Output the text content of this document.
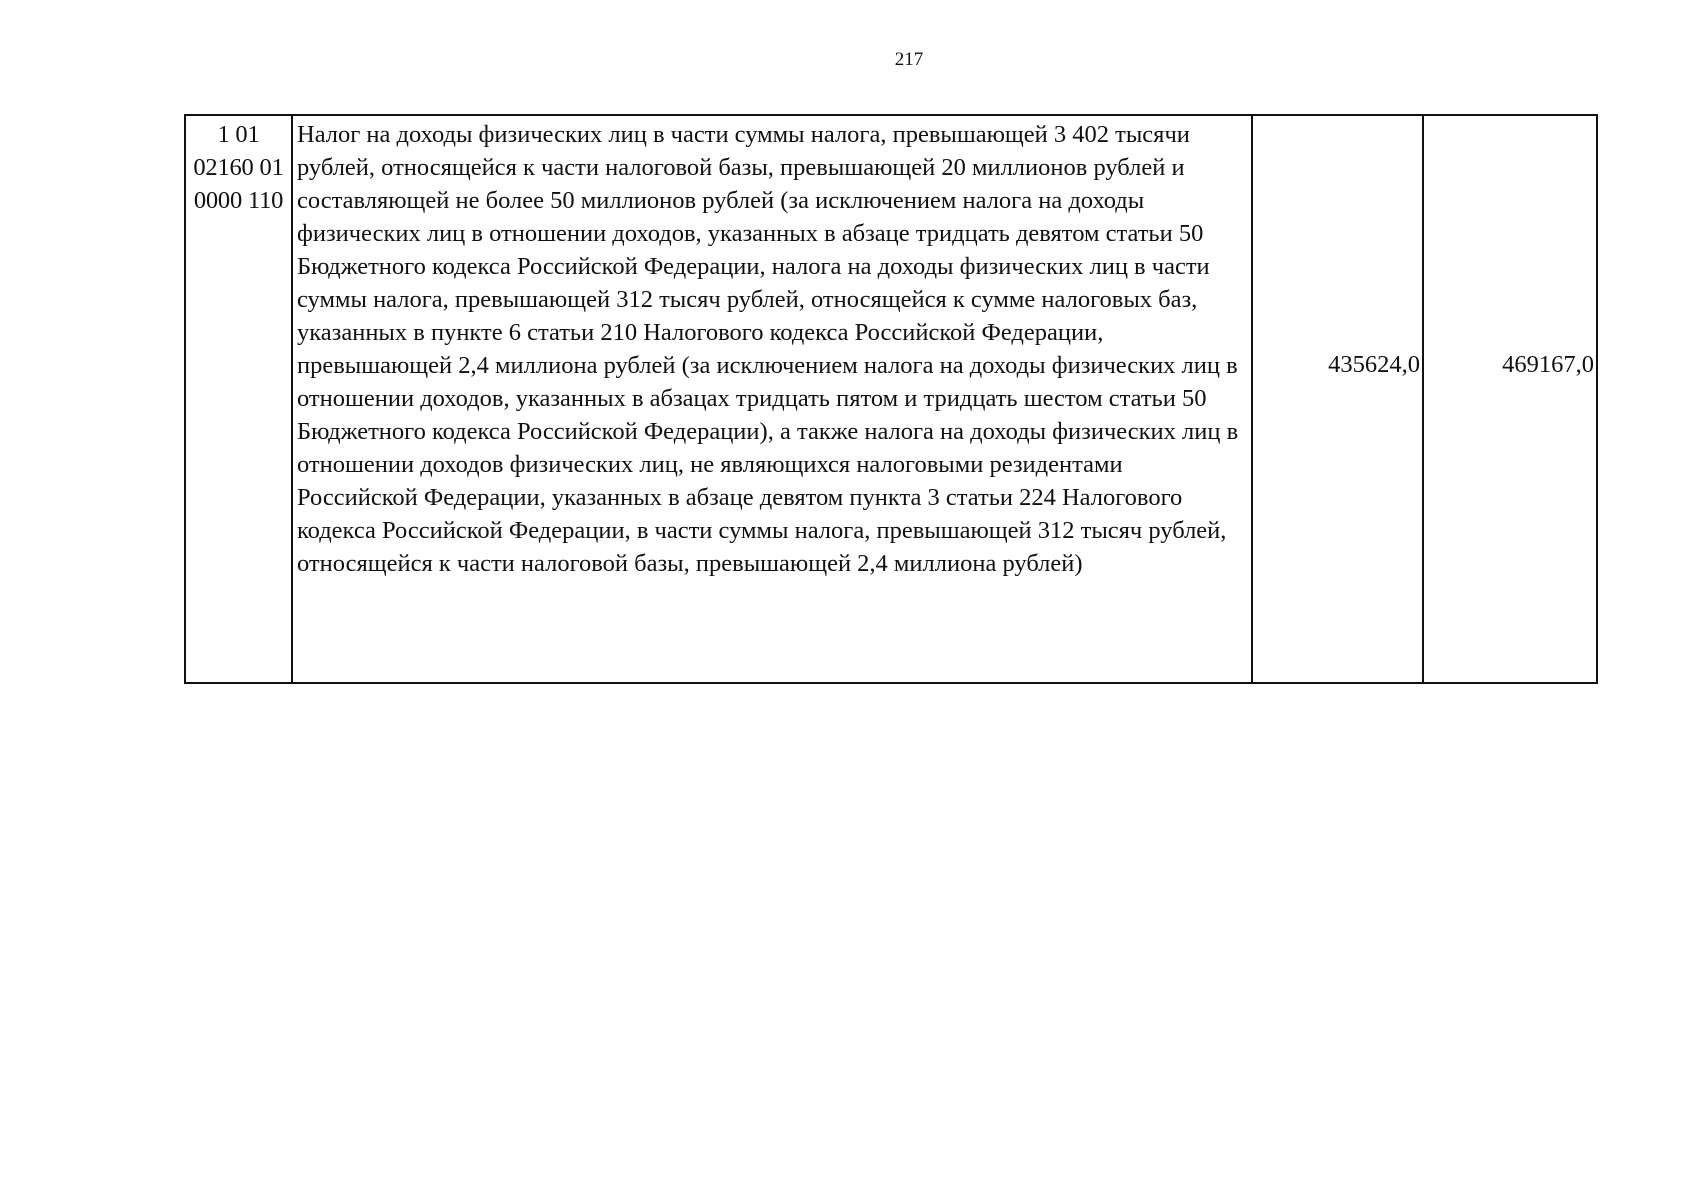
217
1 01
02160 01
0000 110
	Налог на доходы физических лиц в части суммы налога, превышающей 3 402 тысячи рублей, относящейся к части налоговой базы, превышающей 20 миллионов рублей и составляющей не более 50 миллионов рублей (за исключением налога на доходы физических лиц в отношении доходов, указанных в абзаце тридцать девятом статьи 50 Бюджетного кодекса Российской Федерации, налога на доходы физических лиц в части суммы налога, превышающей 312 тысяч рублей, относящейся к сумме налоговых баз, указанных в пункте 6 статьи 210 Налогового кодекса Российской Федерации, превышающей 2,4 миллиона рублей (за исключением налога на доходы физических лиц в отношении доходов, указанных в абзацах тридцать пятом и тридцать шестом статьи 50 Бюджетного кодекса Российской Федерации), а также налога на доходы физических лиц в отношении доходов физических лиц, не являющихся налоговыми резидентами Российской Федерации, указанных в абзаце девятом пункта 3 статьи 224 Налогового кодекса Российской Федерации, в части суммы налога, превышающей 312 тысяч рублей, относящейся к части налоговой базы, превышающей 2,4 миллиона рублей)	435624,0	469167,0
